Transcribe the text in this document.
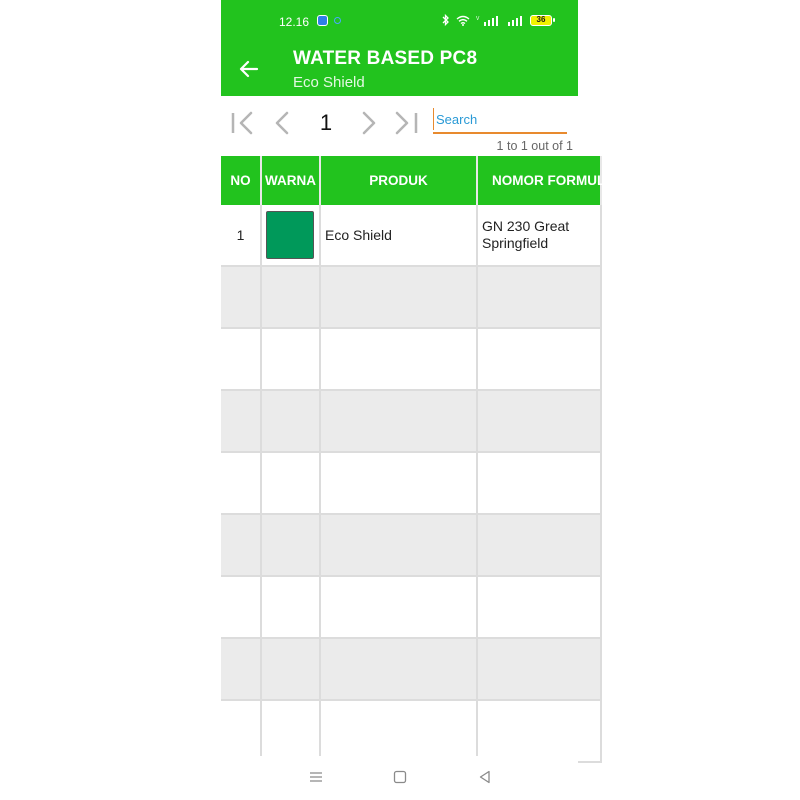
12.16	V	36
WATER BASED PC8
Eco Shield
1
Search
1 to 1 out of 1
NO	WARNA	PRODUK	NOMOR FORMULA
1		Eco Shield	GN 230 Great Springfield
